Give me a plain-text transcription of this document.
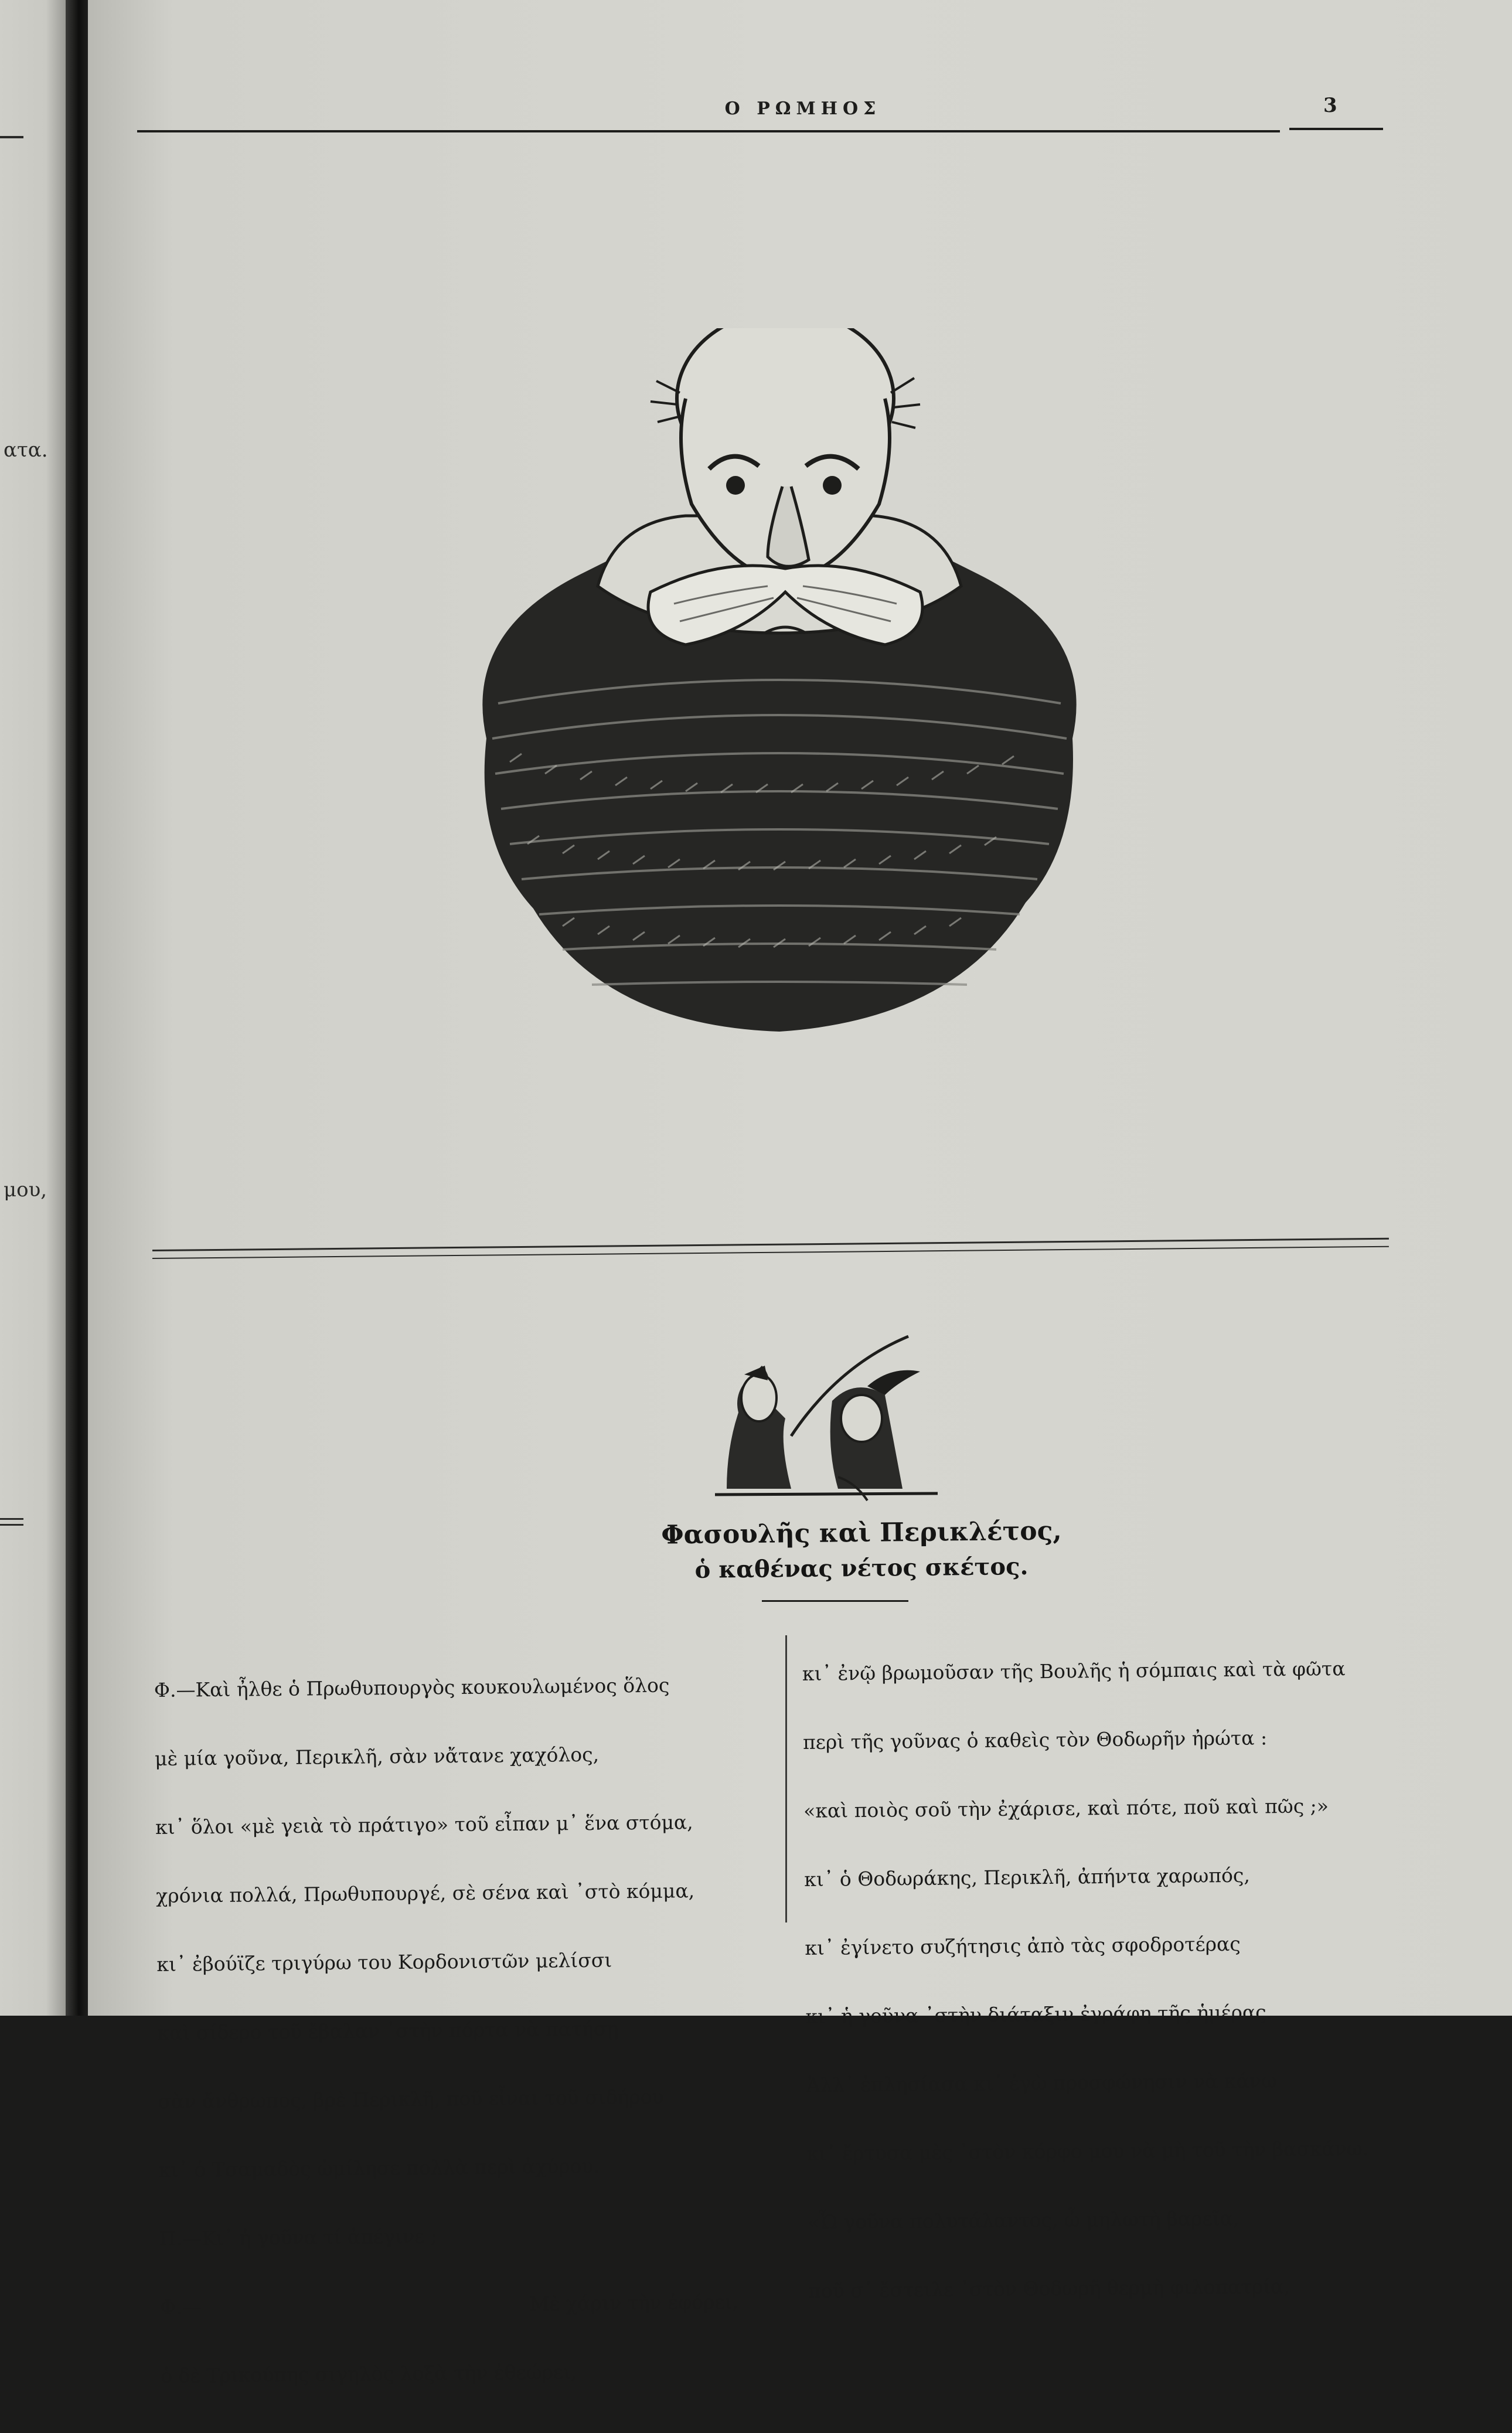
ατα.
μου,
Ο ΡΩΜΗΟΣ	3
Φασουλῆς καὶ Περικλέτος,
ὁ καθένας νέτος σκέτος.

Φ.—Καὶ ἦλθε ὁ Πρωθυπουργὸς κουκουλωμένος ὅλος

μὲ μία γοῦνα, Περικλῆ, σὰν νἄτανε χαχόλος,

κι᾽ ὅλοι «μὲ γειὰ τὸ πράτιγο» τοῦ εἶπαν μ᾽ ἕνα στόμα,

χρόνια πολλά, Πρωθυπουργέ, σὲ σένα καὶ ᾽στὸ κόμμα,

κι᾽ ἐβούϊζε τριγύρω του Κορδονιστῶν μελίσσι

καὶ σίδερο τοῦ ἔβαλαν ᾽στὴν πόρτα νὰ πατήσῃ

σὰν ἄνθρωπος, βρὲ Περικλῆ, ποῦ εἶναι τοῦ σιδήρου

κι᾽ ὁ Τσαμαδὸς ὡμίλησε πολλὰ περὶ ἀχύρου.

Π.—Κι᾽ ἡ γοῦνα τί ἀπέγινε ;

Φ.—	Μὲ χάριν τὴν ἐφόρει,

ὁ δὲ Τρικούπης σιγηλὸς λοξὰ τὴν ἐθεώρει,

κι᾽ ἐνῷ βρωμοῦσαν τῆς Βουλῆς ἡ σόμπαις καὶ τὰ φῶτα

περὶ τῆς γοῦνας ὁ καθεὶς τὸν Θοδωρῆν ἠρώτα :

«καὶ ποιὸς σοῦ τὴν ἐχάρισε, καὶ πότε, ποῦ καὶ πῶς ;»

κι᾽ ὁ Θοδωράκης, Περικλῆ, ἀπήντα χαρωπός,

κι᾽ ἐγίνετο συζήτησις ἀπὸ τὰς σφοδροτέρας

κι᾽ ἡ γοῦνα ᾽στὴν διάταξιν ἐγράφη τῆς ἡμέρας.

Ἀλλ᾽ ἐπλησίασα κι᾽ ἐγὼ προσφώνησιν νὰ κάνω

κι᾽ ἔρτυσα μὲς ᾽στὸν κόρφο μου νὰ μὴ τοῦ τὴν βασκάνω.

«Ὦ γοῦνα πολυτάλαντος, ὦ μηλωτὴ βαρεῖα,

ποῦ σ᾽ ἔστειλε ᾽στὸν Θοδωρῆ θερμὴ φιλοπατρία,
